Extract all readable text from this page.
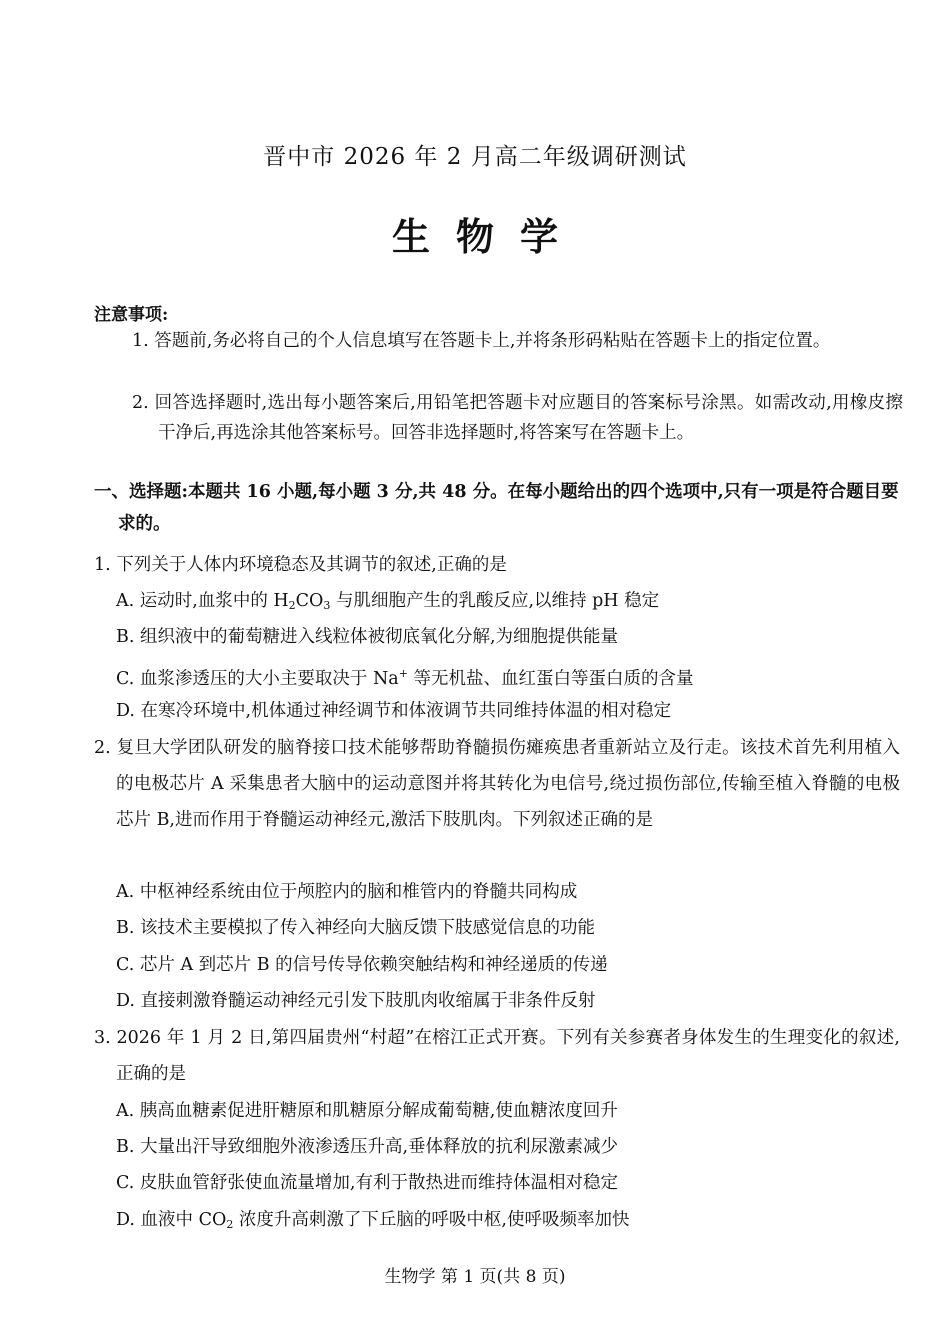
晋中市 2026 年 2 月高二年级调研测试
生物学
注意事项:
1. 答题前,务必将自己的个人信息填写在答题卡上,并将条形码粘贴在答题卡上的指定位置。
2. 回答选择题时,选出每小题答案后,用铅笔把答题卡对应题目的答案标号涂黑。如需改动,用橡皮擦干净后,再选涂其他答案标号。回答非选择题时,将答案写在答题卡上。
一、选择题:本题共 16 小题,每小题 3 分,共 48 分。在每小题给出的四个选项中,只有一项是符合题目要求的。
1. 下列关于人体内环境稳态及其调节的叙述,正确的是
A. 运动时,血浆中的 $H_2CO_3$ 与肌细胞产生的乳酸反应,以维持 pH 稳定
B. 组织液中的葡萄糖进入线粒体被彻底氧化分解,为细胞提供能量
C. 血浆渗透压的大小主要取决于 Na+ 等无机盐、血红蛋白等蛋白质的含量
D. 在寒冷环境中,机体通过神经调节和体液调节共同维持体温的相对稳定
2. 复旦大学团队研发的脑脊接口技术能够帮助脊髓损伤瘫痪患者重新站立及行走。该技术首先利用植入的电极芯片 A 采集患者大脑中的运动意图并将其转化为电信号,绕过损伤部位,传输至植入脊髓的电极芯片 B,进而作用于脊髓运动神经元,激活下肢肌肉。下列叙述正确的是
A. 中枢神经系统由位于颅腔内的脑和椎管内的脊髓共同构成
B. 该技术主要模拟了传入神经向大脑反馈下肢感觉信息的功能
C. 芯片 A 到芯片 B 的信号传导依赖突触结构和神经递质的传递
D. 直接刺激脊髓运动神经元引发下肢肌肉收缩属于非条件反射
3. 2026 年 1 月 2 日,第四届贵州“村超”在榕江正式开赛。下列有关参赛者身体发生的生理变化的叙述,正确的是
A. 胰高血糖素促进肝糖原和肌糖原分解成葡萄糖,使血糖浓度回升
B. 大量出汗导致细胞外液渗透压升高,垂体释放的抗利尿激素减少
C. 皮肤血管舒张使血流量增加,有利于散热进而维持体温相对稳定
D. 血液中 $CO_2$ 浓度升高刺激了下丘脑的呼吸中枢,使呼吸频率加快
生物学 第 1 页(共 8 页)
